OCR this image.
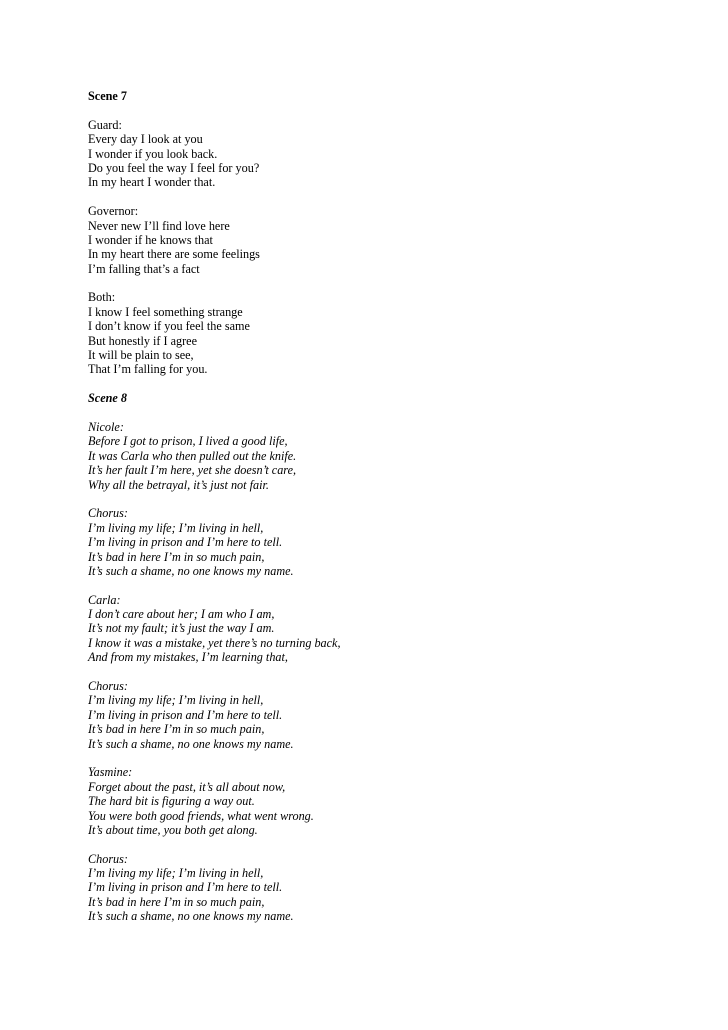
Scene 7

Guard:

Every day I look at you

I wonder if you look back.

Do you feel the way I feel for you?

In my heart I wonder that.

Governor:

Never new I’ll find love here

I wonder if he knows that

In my heart there are some feelings

I’m falling that’s a fact

Both:

I know I feel something strange

I don’t know if you feel the same

But honestly if I agree

It will be plain to see,

That I’m falling for you.

Scene 8

Nicole:

Before I got to prison, I lived a good life,

It was Carla who then pulled out the knife.

It’s her fault I’m here, yet she doesn’t care,

Why all the betrayal, it’s just not fair.

Chorus:

I’m living my life; I’m living in hell,

I’m living in prison and I’m here to tell.

It’s bad in here I’m in so much pain,

It’s such a shame, no one knows my name.

Carla:

I don’t care about her; I am who I am,

It’s not my fault; it’s just the way I am.

I know it was a mistake, yet there’s no turning back,

And from my mistakes, I’m learning that,

Chorus:

I’m living my life; I’m living in hell,

I’m living in prison and I’m here to tell.

It’s bad in here I’m in so much pain,

It’s such a shame, no one knows my name.

Yasmine:

Forget about the past, it’s all about now,

The hard bit is figuring a way out.

You were both good friends, what went wrong.

It’s about time, you both get along.

Chorus:

I’m living my life; I’m living in hell,

I’m living in prison and I’m here to tell.

It’s bad in here I’m in so much pain,

It’s such a shame, no one knows my name.
